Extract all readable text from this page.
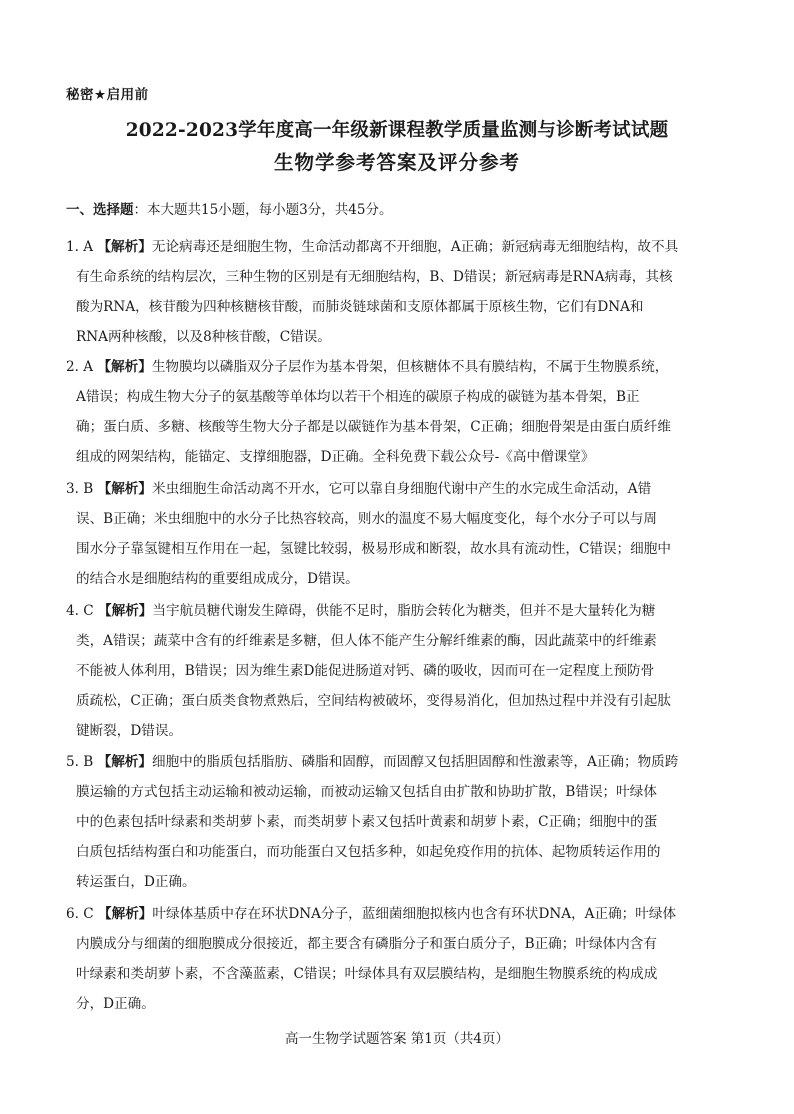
秘密★启用前
2022-2023学年度高一年级新课程教学质量监测与诊断考试试题
生物学参考答案及评分参考
一、选择题：本大题共15小题，每小题3分，共45分。
1. A 【解析】无论病毒还是细胞生物，生命活动都离不开细胞，A正确；新冠病毒无细胞结构，故不具
有生命系统的结构层次，三种生物的区别是有无细胞结构，B、D错误；新冠病毒是RNA病毒，其核
酸为RNA，核苷酸为四种核糖核苷酸，而肺炎链球菌和支原体都属于原核生物，它们有DNA和
RNA两种核酸，以及8种核苷酸，C错误。
2. A 【解析】生物膜均以磷脂双分子层作为基本骨架，但核糖体不具有膜结构，不属于生物膜系统，
A错误；构成生物大分子的氨基酸等单体均以若干个相连的碳原子构成的碳链为基本骨架，B正
确；蛋白质、多糖、核酸等生物大分子都是以碳链作为基本骨架，C正确；细胞骨架是由蛋白质纤维
组成的网架结构，能锚定、支撑细胞器，D正确。全科免费下载公众号-《高中僧课堂》
3. B 【解析】米虫细胞生命活动离不开水，它可以靠自身细胞代谢中产生的水完成生命活动，A错
误、B正确；米虫细胞中的水分子比热容较高，则水的温度不易大幅度变化，每个水分子可以与周
围水分子靠氢键相互作用在一起，氢键比较弱，极易形成和断裂，故水具有流动性，C错误；细胞中
的结合水是细胞结构的重要组成成分，D错误。
4. C 【解析】当宇航员糖代谢发生障碍，供能不足时，脂肪会转化为糖类，但并不是大量转化为糖
类，A错误；蔬菜中含有的纤维素是多糖，但人体不能产生分解纤维素的酶，因此蔬菜中的纤维素
不能被人体利用，B错误；因为维生素D能促进肠道对钙、磷的吸收，因而可在一定程度上预防骨
质疏松，C正确；蛋白质类食物煮熟后，空间结构被破坏，变得易消化，但加热过程中并没有引起肽
键断裂，D错误。
5. B 【解析】细胞中的脂质包括脂肪、磷脂和固醇，而固醇又包括胆固醇和性激素等，A正确；物质跨
膜运输的方式包括主动运输和被动运输，而被动运输又包括自由扩散和协助扩散，B错误；叶绿体
中的色素包括叶绿素和类胡萝卜素，而类胡萝卜素又包括叶黄素和胡萝卜素，C正确；细胞中的蛋
白质包括结构蛋白和功能蛋白，而功能蛋白又包括多种，如起免疫作用的抗体、起物质转运作用的
转运蛋白，D正确。
6. C 【解析】叶绿体基质中存在环状DNA分子，蓝细菌细胞拟核内也含有环状DNA，A正确；叶绿体
内膜成分与细菌的细胞膜成分很接近，都主要含有磷脂分子和蛋白质分子，B正确；叶绿体内含有
叶绿素和类胡萝卜素，不含藻蓝素，C错误；叶绿体具有双层膜结构，是细胞生物膜系统的构成成
分，D正确。
高一生物学试题答案 第1页（共4页）
